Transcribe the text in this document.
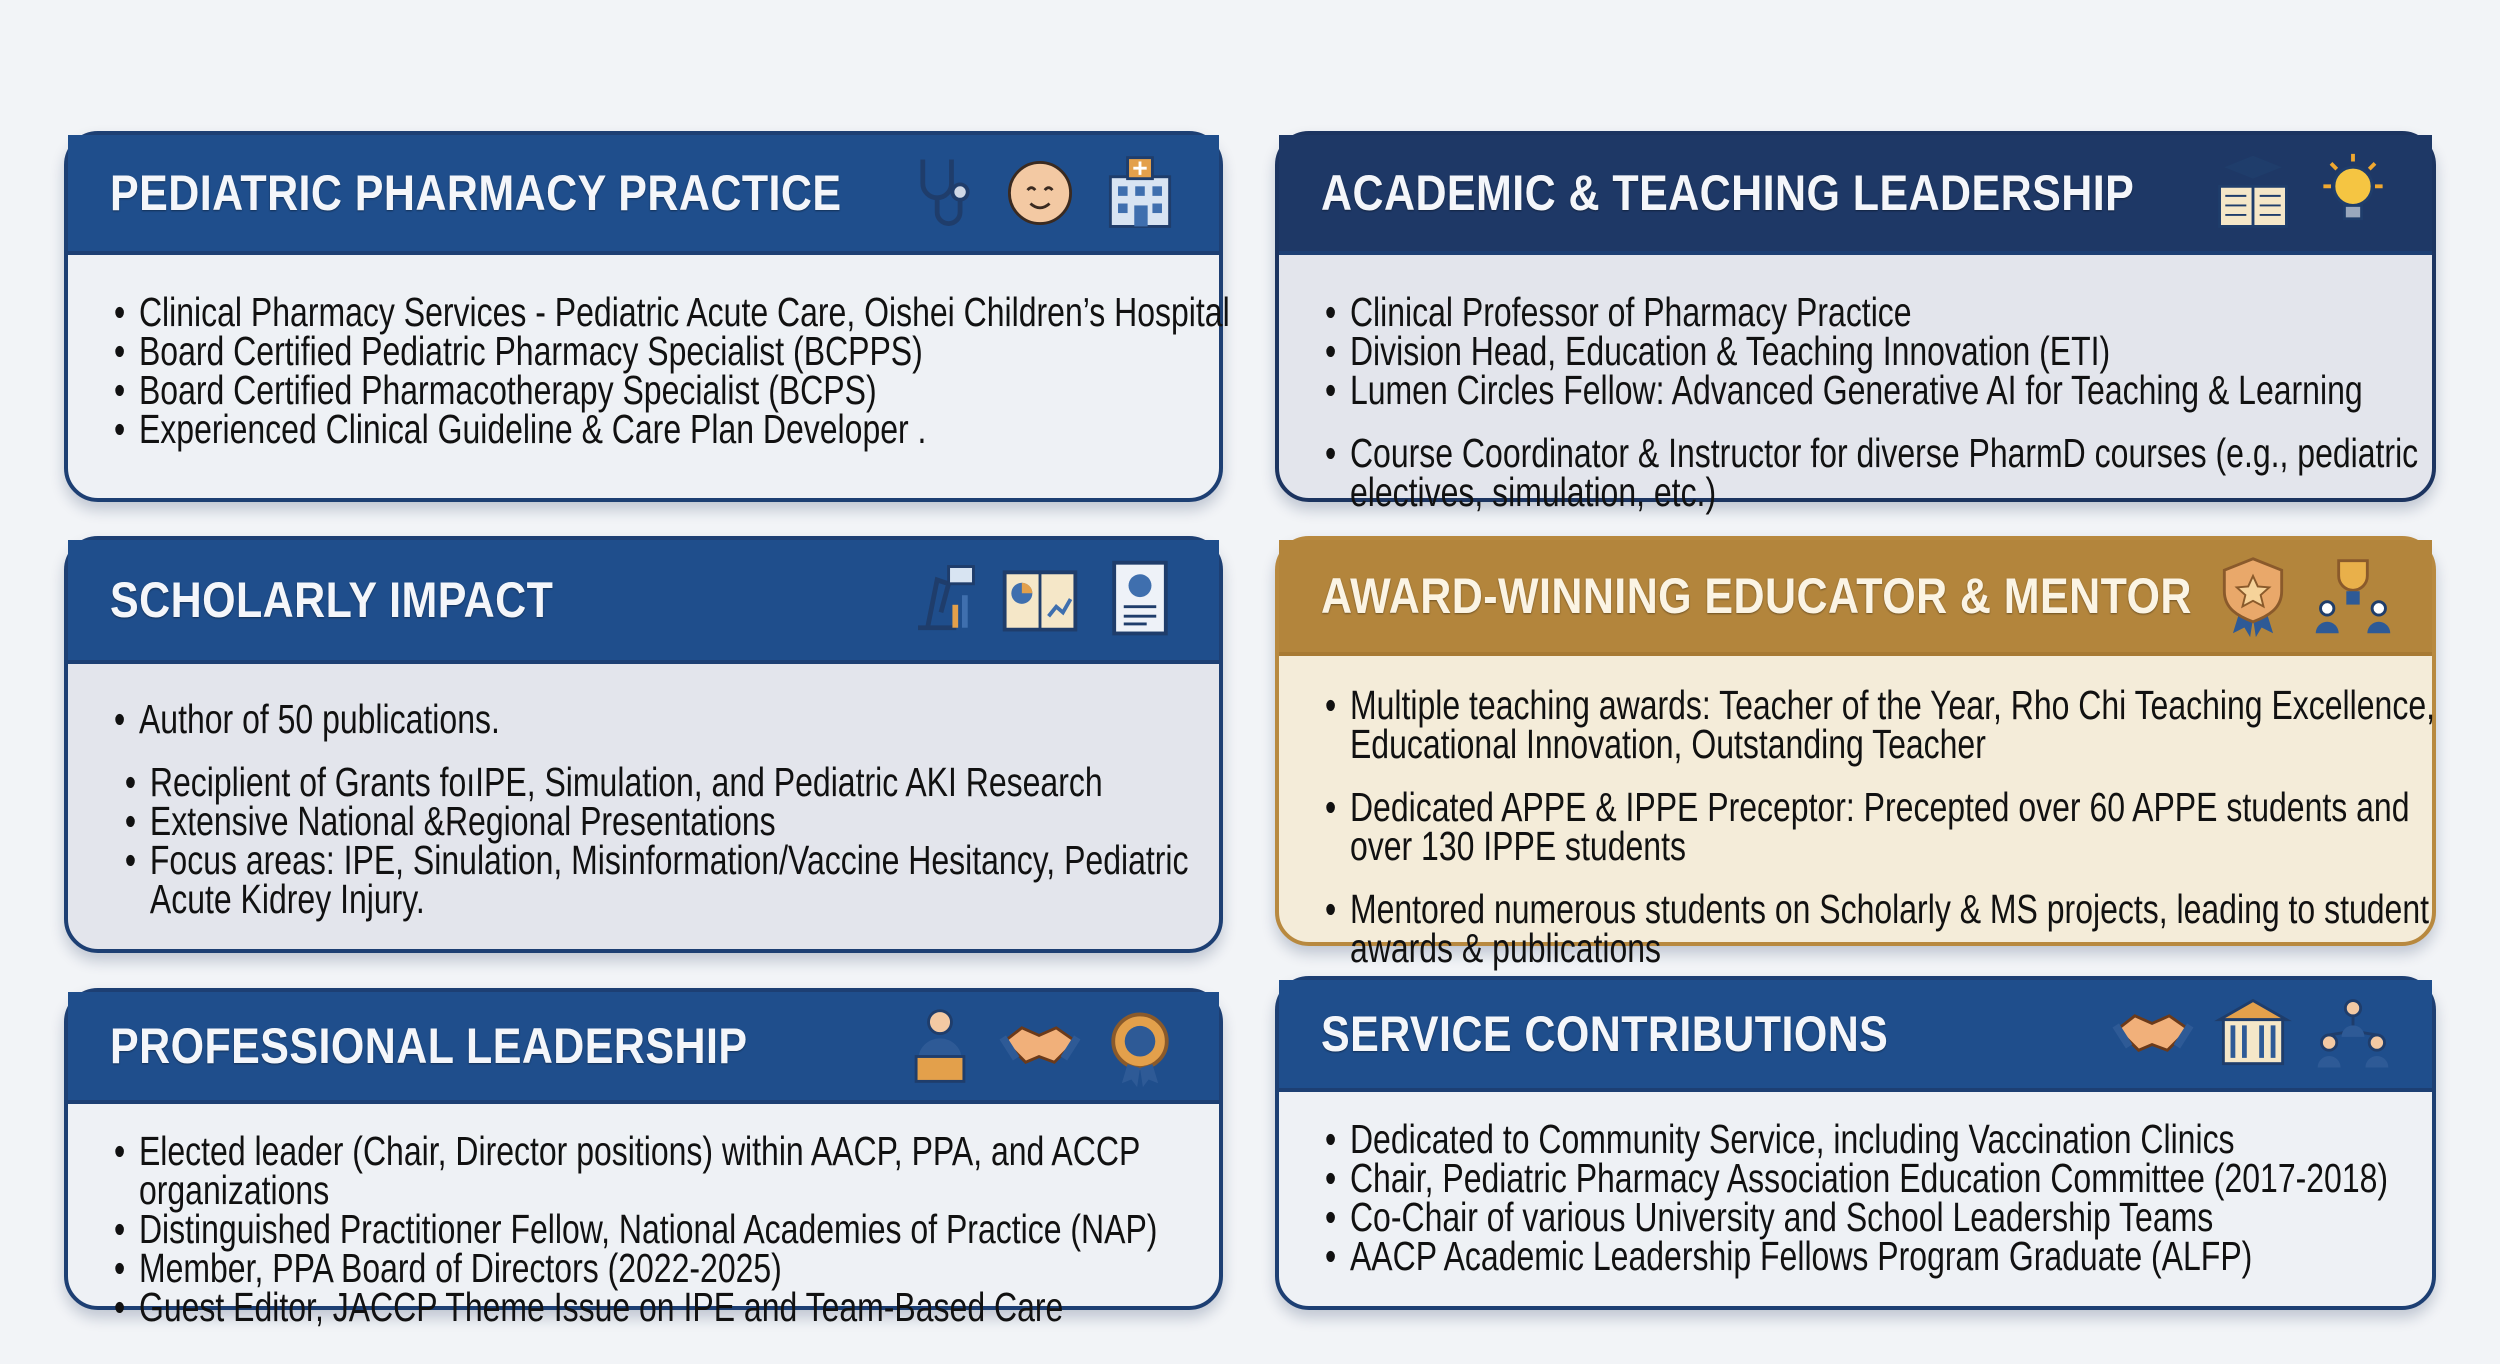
PEDIATRIC PHARMACY PRACTICE
• Clinical Pharmacy Services - Pediatric Acute Care, Oishei Children’s Hospital
• Board Certified Pediatric Pharmacy Specialist (BCPPS)
• Board Certified Pharmacotherapy Specialist (BCPS)
• Experienced Clinical Guideline & Care Plan Developer .
ACADEMIC & TEACHING LEADERSHIP
• Clinical Professor of Pharmacy Practice
• Division Head, Education & Teaching Innovation (ETI)
• Lumen Circles Fellow: Advanced Generative AI for Teaching & Learning
• Course Coordinator & Instructor for diverse PharmD courses (e.g., pediatric electives, simulation, etc.)
SCHOLARLY IMPACT
• Author of 50 publications.
• Reciplient of Grants foıIPE, Simulation, and Pediatric AKI Research
• Extensive National &Regional Presentations
• Focus areas: IPE, Sinulation, Misinformation/Vaccine Hesitancy, Pediatric Acute Kidrey Injury.
AWARD-WINNING EDUCATOR & MENTOR
• Multiple teaching awards: Teacher of the Year, Rho Chi Teaching Excellence, Educational Innovation, Outstanding Teacher
• Dedicated APPE & IPPE Preceptor: Precepted over 60 APPE students and over 130 IPPE students
• Mentored numerous students on Scholarly & MS projects, leading to student awards & publications
PROFESSIONAL LEADERSHIP
• Elected leader (Chair, Director positions) within AACP, PPA, and ACCP organizations
• Distinguished Practitioner Fellow, National Academies of Practice (NAP)
• Member, PPA Board of Directors (2022-2025)
• Guest Editor, JACCP Theme Issue on IPE and Team-Based Care
SERVICE CONTRIBUTIONS
• Dedicated to Community Service, including Vaccination Clinics
• Chair, Pediatric Pharmacy Association Education Committee (2017-2018)
• Co-Chair of various University and School Leadership Teams
• AACP Academic Leadership Fellows Program Graduate (ALFP)
